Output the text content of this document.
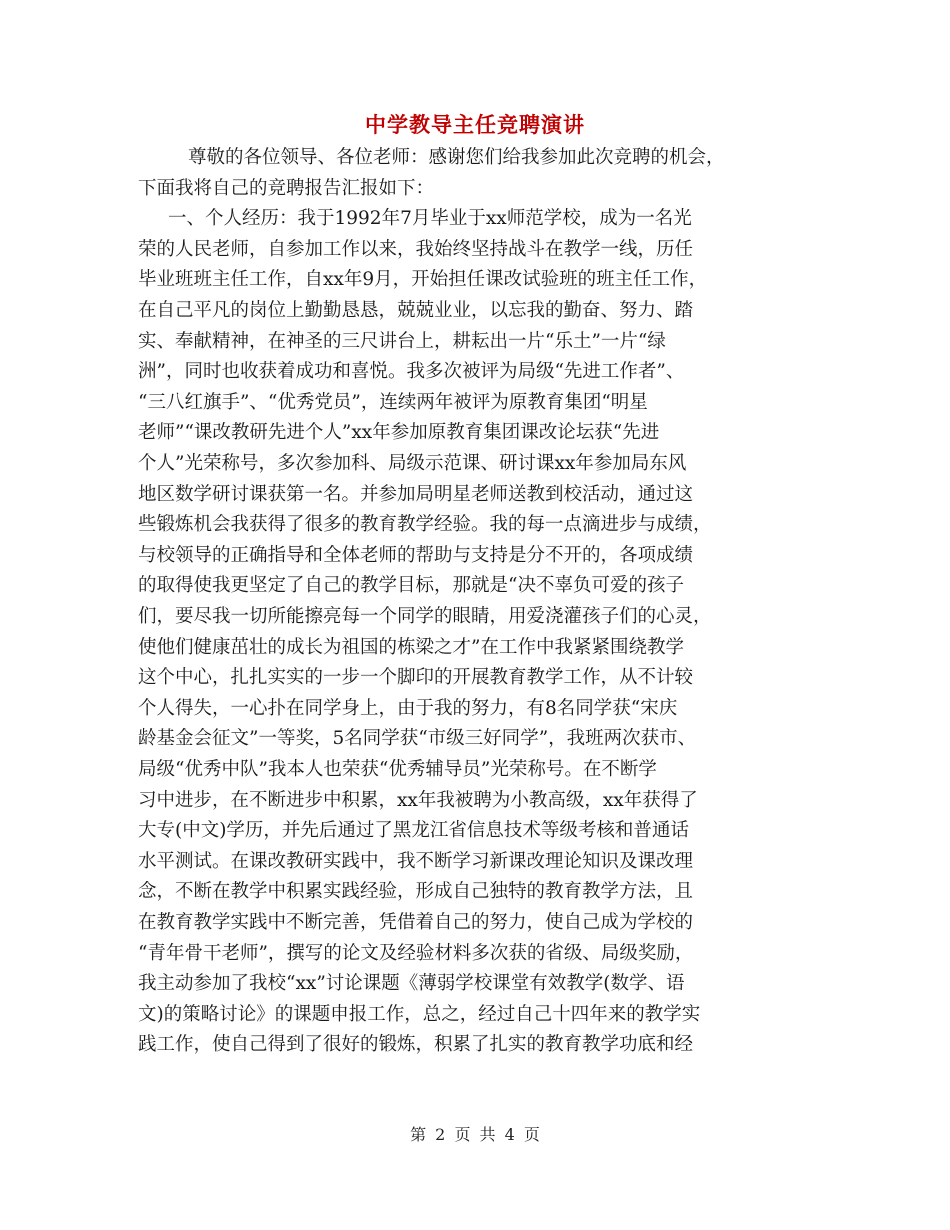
中学教导主任竞聘演讲
尊敬的各位领导、各位老师：感谢您们给我参加此次竞聘的机会，
下面我将自己的竞聘报告汇报如下：
一、个人经历：我于1992年7月毕业于xx师范学校，成为一名光
荣的人民老师，自参加工作以来，我始终坚持战斗在教学一线，历任
毕业班班主任工作，自xx年9月，开始担任课改试验班的班主任工作，
在自己平凡的岗位上勤勤恳恳，兢兢业业，以忘我的勤奋、努力、踏
实、奉献精神，在神圣的三尺讲台上，耕耘出一片“乐土”一片“绿
洲”，同时也收获着成功和喜悦。我多次被评为局级“先进工作者”、
“三八红旗手”、“优秀党员”，连续两年被评为原教育集团“明星
老师”“课改教研先进个人”xx年参加原教育集团课改论坛获“先进
个人”光荣称号，多次参加科、局级示范课、研讨课xx年参加局东风
地区数学研讨课获第一名。并参加局明星老师送教到校活动，通过这
些锻炼机会我获得了很多的教育教学经验。我的每一点滴进步与成绩，
与校领导的正确指导和全体老师的帮助与支持是分不开的，各项成绩
的取得使我更坚定了自己的教学目标，那就是“决不辜负可爱的孩子
们，要尽我一切所能擦亮每一个同学的眼睛，用爱浇灌孩子们的心灵，
使他们健康茁壮的成长为祖国的栋梁之才”在工作中我紧紧围绕教学
这个中心，扎扎实实的一步一个脚印的开展教育教学工作，从不计较
个人得失，一心扑在同学身上，由于我的努力，有8名同学获“宋庆
龄基金会征文”一等奖，5名同学获“市级三好同学”，我班两次获市、
局级“优秀中队”我本人也荣获“优秀辅导员”光荣称号。在不断学
习中进步，在不断进步中积累，xx年我被聘为小教高级，xx年获得了
大专(中文)学历，并先后通过了黑龙江省信息技术等级考核和普通话
水平测试。在课改教研实践中，我不断学习新课改理论知识及课改理
念，不断在教学中积累实践经验，形成自己独特的教育教学方法，且
在教育教学实践中不断完善，凭借着自己的努力，使自己成为学校的
“青年骨干老师”，撰写的论文及经验材料多次获的省级、局级奖励，
我主动参加了我校“xx”讨论课题《薄弱学校课堂有效教学(数学、语
文)的策略讨论》的课题申报工作，总之，经过自己十四年来的教学实
践工作，使自己得到了很好的锻炼，积累了扎实的教育教学功底和经
第 2 页 共 4 页
